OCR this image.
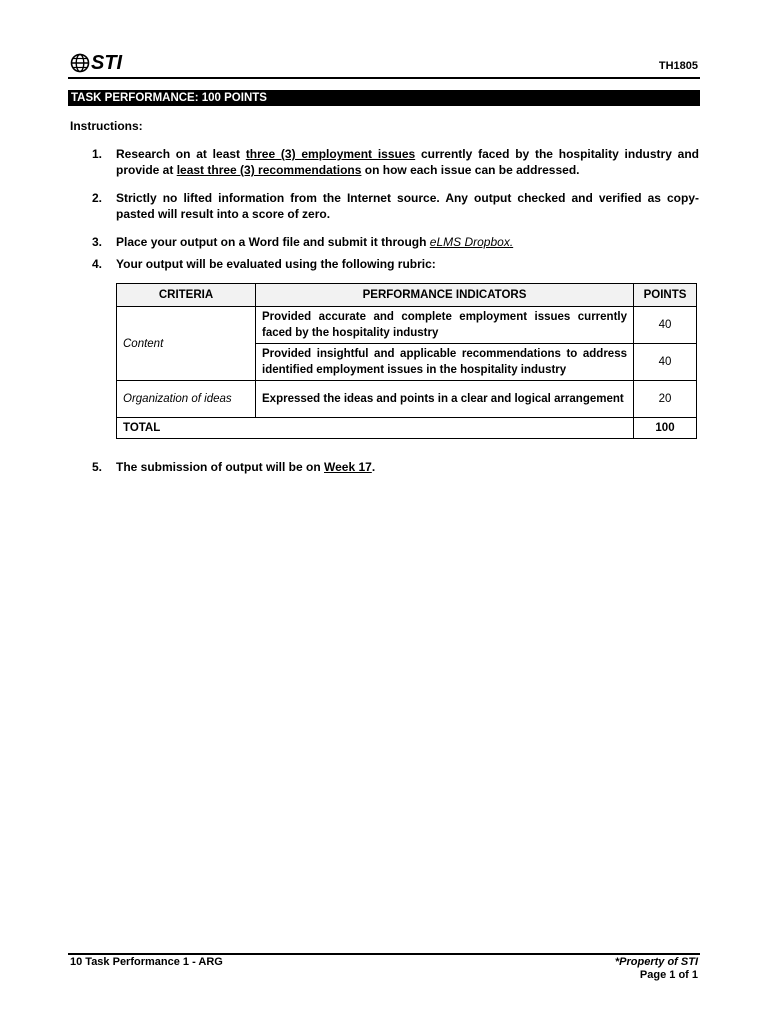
STI	TH1805
TASK PERFORMANCE: 100 POINTS
Instructions:
1. Research on at least three (3) employment issues currently faced by the hospitality industry and provide at least three (3) recommendations on how each issue can be addressed.
2. Strictly no lifted information from the Internet source. Any output checked and verified as copy-pasted will result into a score of zero.
3. Place your output on a Word file and submit it through eLMS Dropbox.
4. Your output will be evaluated using the following rubric:
CRITERIA	PERFORMANCE INDICATORS	POINTS
Content	Provided accurate and complete employment issues currently faced by the hospitality industry	40
	Provided insightful and applicable recommendations to address identified employment issues in the hospitality industry	40
Organization of ideas	Expressed the ideas and points in a clear and logical arrangement	20
TOTAL		100
5. The submission of output will be on Week 17.
10 Task Performance 1 - ARG	*Property of STI
Page 1 of 1
